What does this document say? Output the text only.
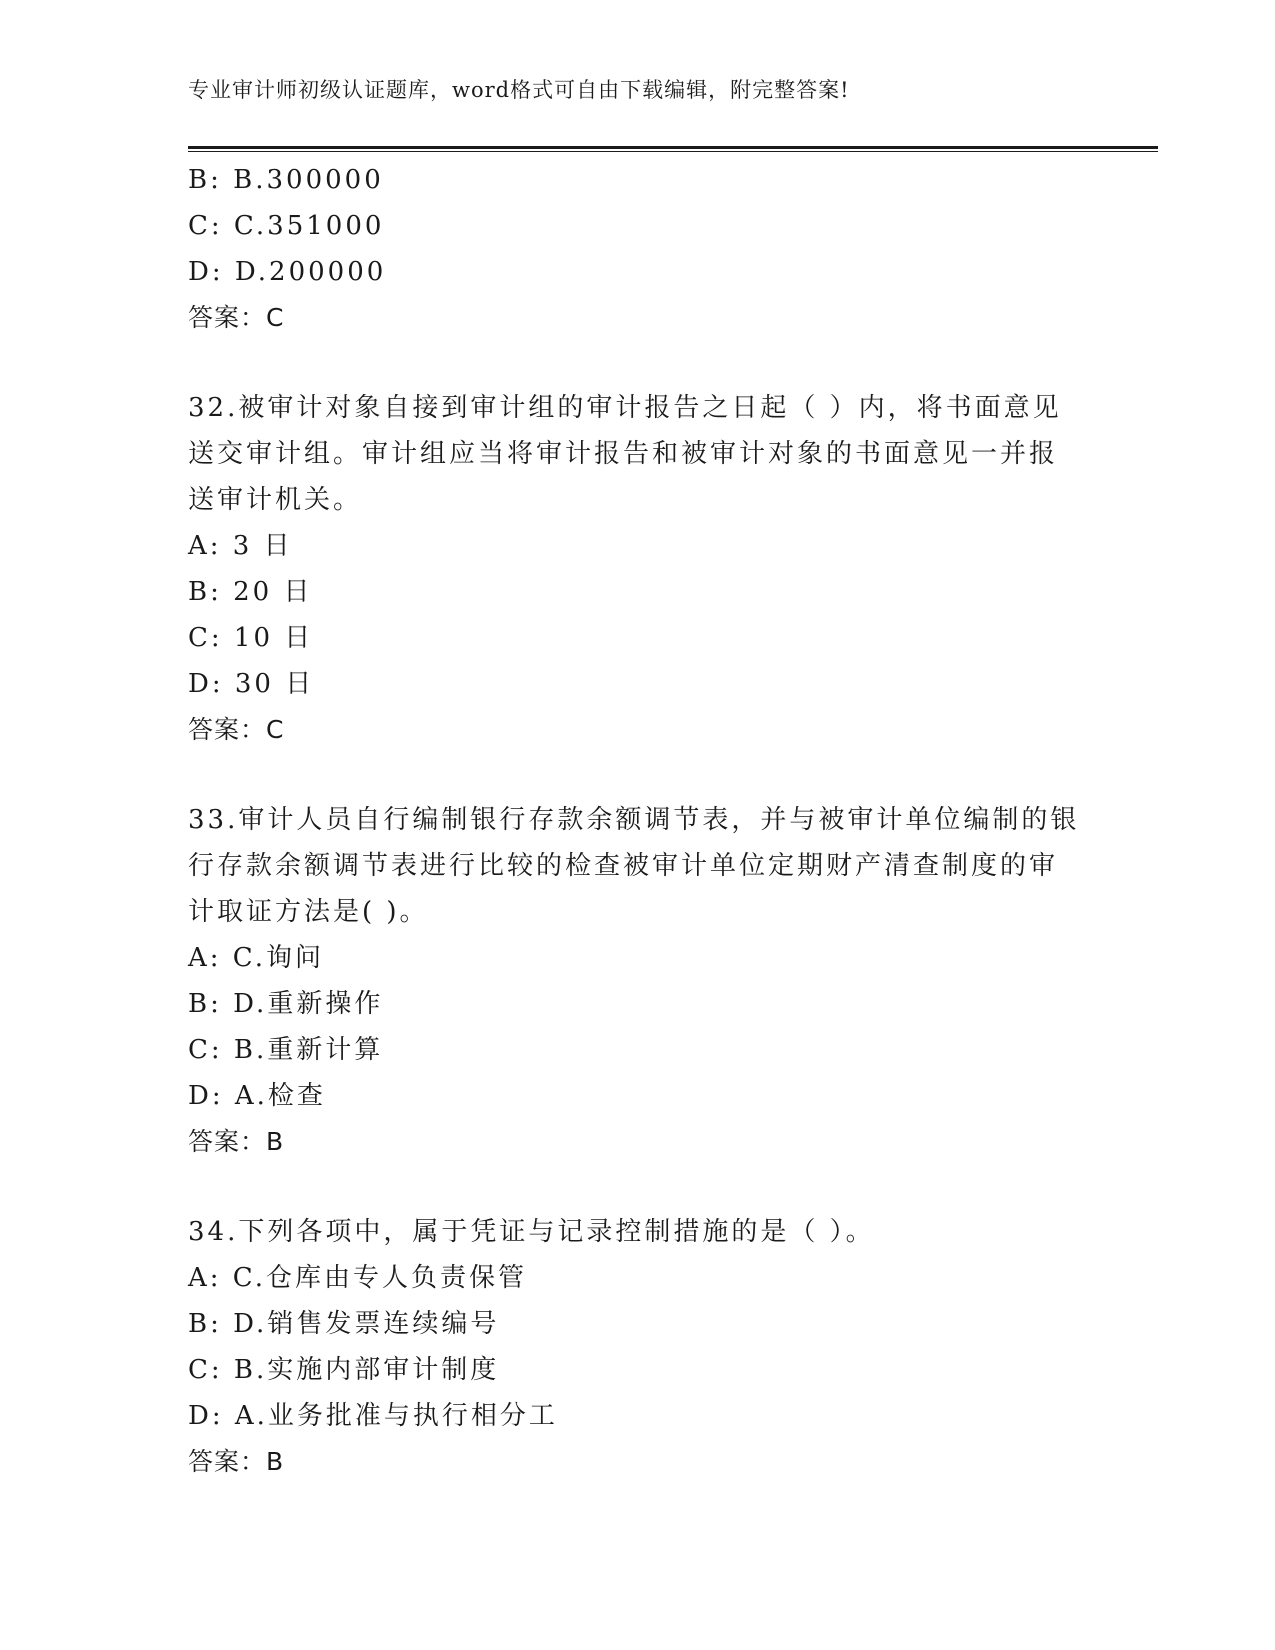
专业审计师初级认证题库，word格式可自由下载编辑，附完整答案!
B: B.300000
C: C.351000
D: D.200000
答案：C
32.被审计对象自接到审计组的审计报告之日起（ ）内，将书面意见
送交审计组。审计组应当将审计报告和被审计对象的书面意见一并报
送审计机关。
A: 3 日
B: 20 日
C: 10 日
D: 30 日
答案：C
33.审计人员自行编制银行存款余额调节表，并与被审计单位编制的银
行存款余额调节表进行比较的检查被审计单位定期财产清查制度的审
计取证方法是( )。
A: C.询问
B: D.重新操作
C: B.重新计算
D: A.检查
答案：B
34.下列各项中，属于凭证与记录控制措施的是（ ）。
A: C.仓库由专人负责保管
B: D.销售发票连续编号
C: B.实施内部审计制度
D: A.业务批准与执行相分工
答案：B
